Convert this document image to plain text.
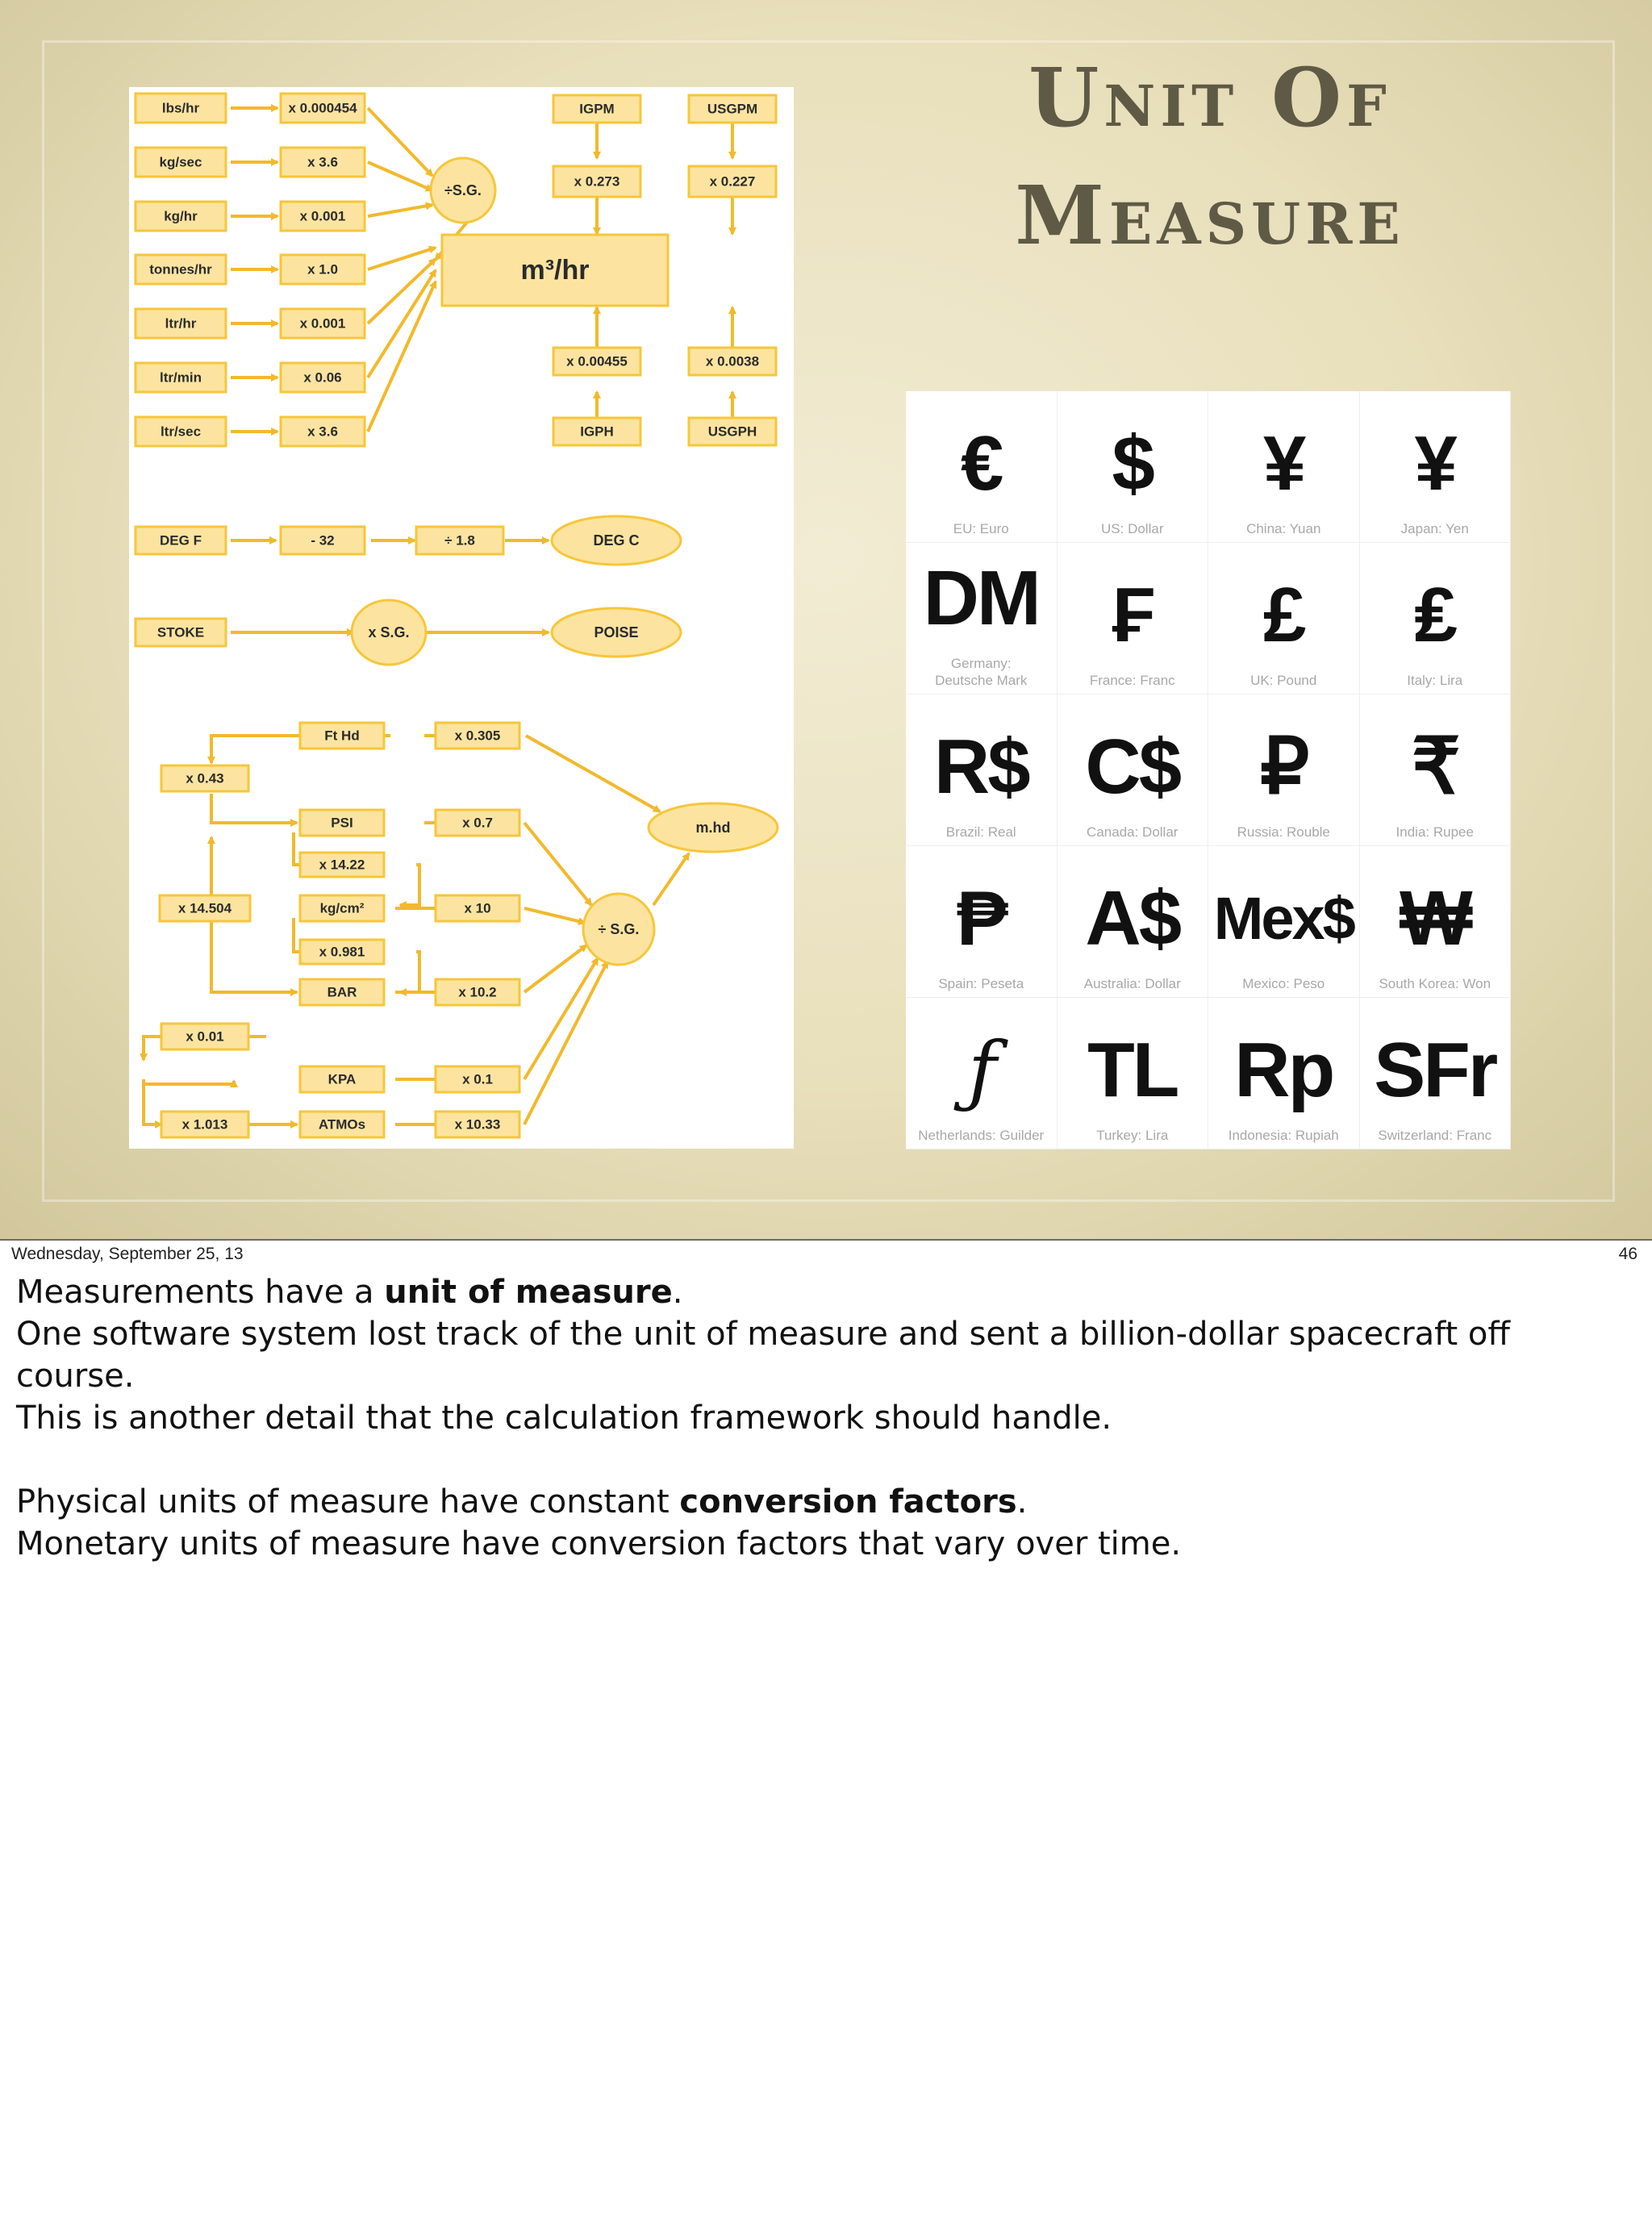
Unit Of
Measure
lbs/hr	x 0.000454
kg/sec	x 3.6
kg/hr	x 0.001
tonnes/hr	x 1.0
ltr/hr	x 0.001
ltr/min	x 0.06
ltr/sec	x 3.6
÷S.G.
m³/hr
IGPM	USGPM
x 0.273	x 0.227
x 0.00455	x 0.0038
IGPH	USGPH
DEG F	- 32	÷ 1.8	DEG C
STOKE	x S.G.	POISE
Ft Hd	x 0.305
m.hd
x 0.43
PSI	x 0.7
x 14.22
x 14.504	kg/cm²	x 10
÷ S.G.
x 0.981
BAR	x 10.2
x 0.01
KPA	x 0.1
x 1.013	ATMOs	x 10.33
€
EU: Euro
$
US: Dollar
¥
China: Yuan
¥
Japan: Yen
DM
Germany:
Deutsche Mark
₣
France: Franc
£
UK: Pound
₤
Italy: Lira
R$
Brazil: Real
C$
Canada: Dollar
₽
Russia: Rouble
₹
India: Rupee
₱
Spain: Peseta
A$
Australia: Dollar
Mex$
Mexico: Peso
₩
South Korea: Won
ƒ
Netherlands: Guilder
TL
Turkey: Lira
Rp
Indonesia: Rupiah
SFr
Switzerland: Franc
Wednesday, September 25, 13	46

Measurements have a unit of measure.

One software system lost track of the unit of measure and sent a billion-dollar spacecraft off

course.

This is another detail that the calculation framework should handle.

Physical units of measure have constant conversion factors.

Monetary units of measure have conversion factors that vary over time.
